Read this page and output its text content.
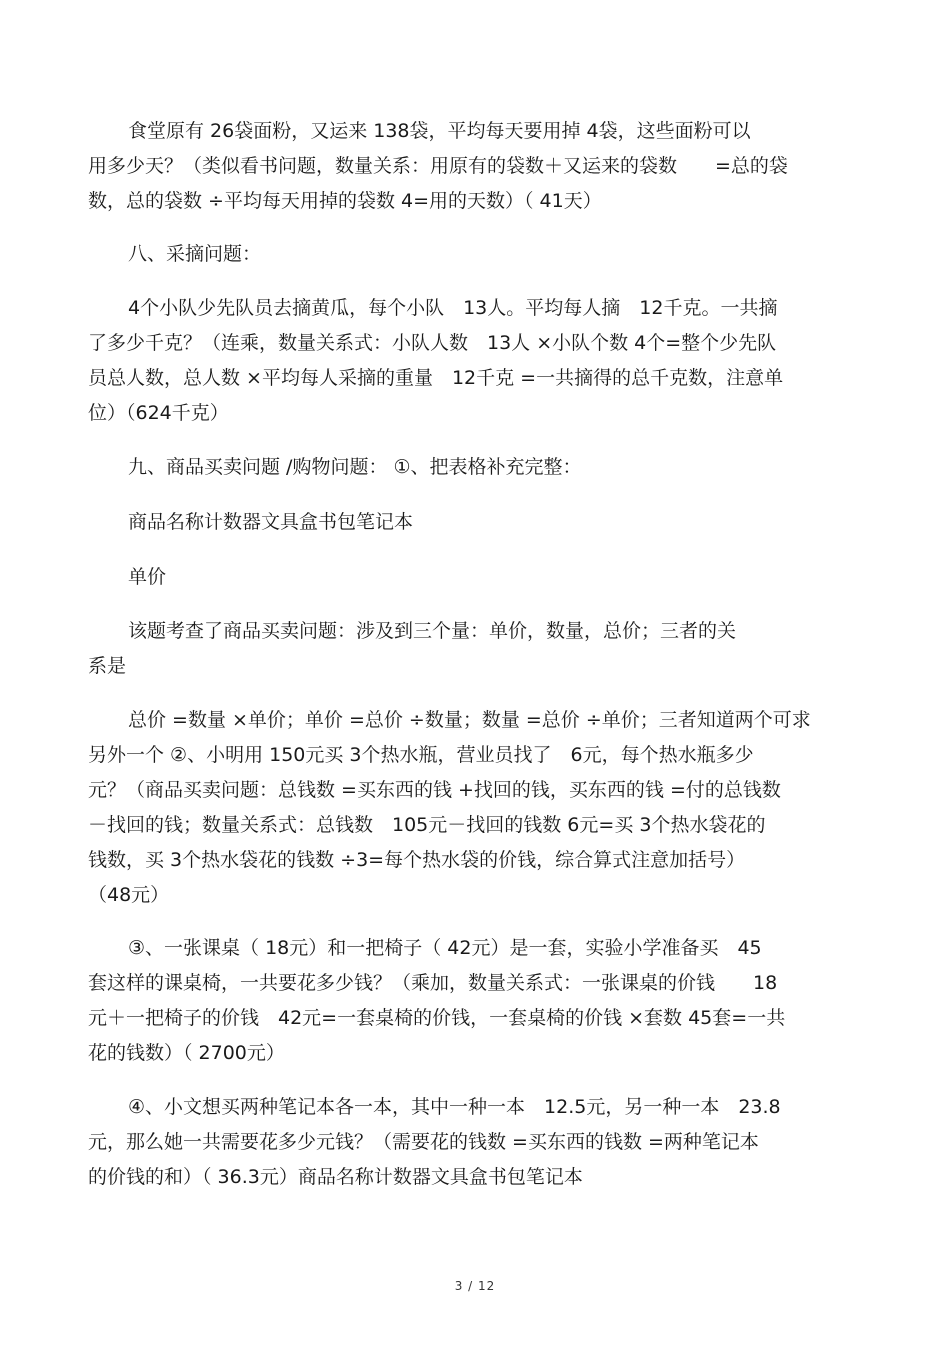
食堂原有 26袋面粉，又运来 138袋，平均每天要用掉 4袋，这些面粉可以
用多少天？（类似看书问题，数量关系：用原有的袋数＋又运来的袋数　　=总的袋
数，总的袋数 ÷平均每天用掉的袋数 4=用的天数）（ 41天）

八、采摘问题：

4个小队少先队员去摘黄瓜，每个小队　13人。平均每人摘　12千克。一共摘
了多少千克？（连乘，数量关系式：小队人数　13人 ×小队个数 4个=整个少先队
员总人数，总人数 ×平均每人采摘的重量　12千克 =一共摘得的总千克数，注意单
位）（624千克）

九、商品买卖问题 /购物问题： ①、把表格补充完整：

商品名称计数器文具盒书包笔记本

单价

该题考查了商品买卖问题：涉及到三个量：单价，数量，总价；三者的关
系是

总价 =数量 ×单价；单价 =总价 ÷数量；数量 =总价 ÷单价；三者知道两个可求
另外一个 ②、小明用 150元买 3个热水瓶，营业员找了　6元，每个热水瓶多少
元？（商品买卖问题：总钱数 =买东西的钱 +找回的钱，买东西的钱 =付的总钱数
－找回的钱；数量关系式：总钱数　105元－找回的钱数 6元=买 3个热水袋花的
钱数，买 3个热水袋花的钱数 ÷3=每个热水袋的价钱，综合算式注意加括号）
（48元）

③、一张课桌（ 18元）和一把椅子（ 42元）是一套，实验小学准备买　45
套这样的课桌椅，一共要花多少钱？（乘加，数量关系式：一张课桌的价钱　　18
元＋一把椅子的价钱　42元=一套桌椅的价钱，一套桌椅的价钱 ×套数 45套=一共
花的钱数）（ 2700元）

④、小文想买两种笔记本各一本，其中一种一本　12.5元，另一种一本　23.8
元，那么她一共需要花多少元钱？（需要花的钱数 =买东西的钱数 =两种笔记本
的价钱的和）（ 36.3元）商品名称计数器文具盒书包笔记本

3 / 12
